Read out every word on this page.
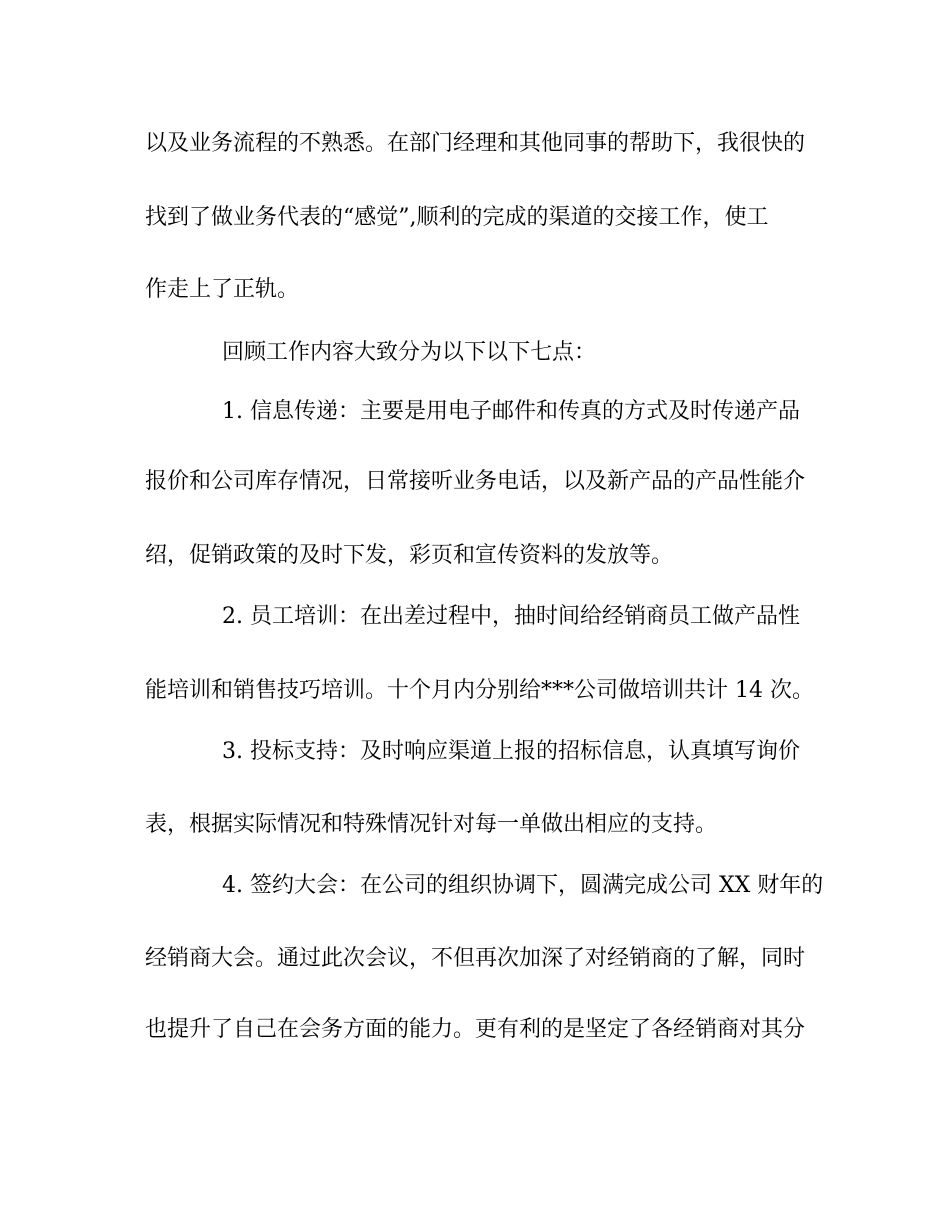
以及业务流程的不熟悉。在部门经理和其他同事的帮助下，我很快的
找到了做业务代表的“感觉”,顺利的完成的渠道的交接工作，使工
作走上了正轨。
回顾工作内容大致分为以下以下七点：
1. 信息传递：主要是用电子邮件和传真的方式及时传递产品
报价和公司库存情况，日常接听业务电话，以及新产品的产品性能介
绍，促销政策的及时下发，彩页和宣传资料的发放等。
2. 员工培训：在出差过程中，抽时间给经销商员工做产品性
能培训和销售技巧培训。十个月内分别给***公司做培训共计 14 次。
3. 投标支持：及时响应渠道上报的招标信息，认真填写询价
表，根据实际情况和特殊情况针对每一单做出相应的支持。
4. 签约大会：在公司的组织协调下，圆满完成公司 XX 财年的
经销商大会。通过此次会议，不但再次加深了对经销商的了解，同时
也提升了自己在会务方面的能力。更有利的是坚定了各经销商对其分
